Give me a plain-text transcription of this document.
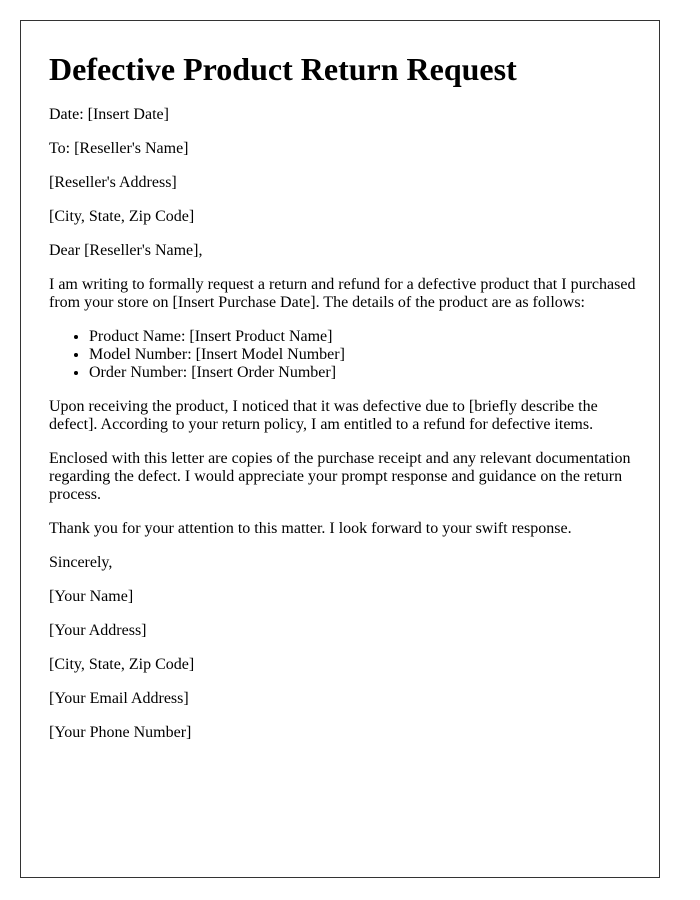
Defective Product Return Request

Date: [Insert Date]

To: [Reseller's Name]

[Reseller's Address]

[City, State, Zip Code]

Dear [Reseller's Name],

I am writing to formally request a return and refund for a defective product that I purchased from your store on [Insert Purchase Date]. The details of the product are as follows:

• Product Name: [Insert Product Name]
• Model Number: [Insert Model Number]
• Order Number: [Insert Order Number]

Upon receiving the product, I noticed that it was defective due to [briefly describe the defect]. According to your return policy, I am entitled to a refund for defective items.

Enclosed with this letter are copies of the purchase receipt and any relevant documentation regarding the defect. I would appreciate your prompt response and guidance on the return process.

Thank you for your attention to this matter. I look forward to your swift response.

Sincerely,

[Your Name]

[Your Address]

[City, State, Zip Code]

[Your Email Address]

[Your Phone Number]
